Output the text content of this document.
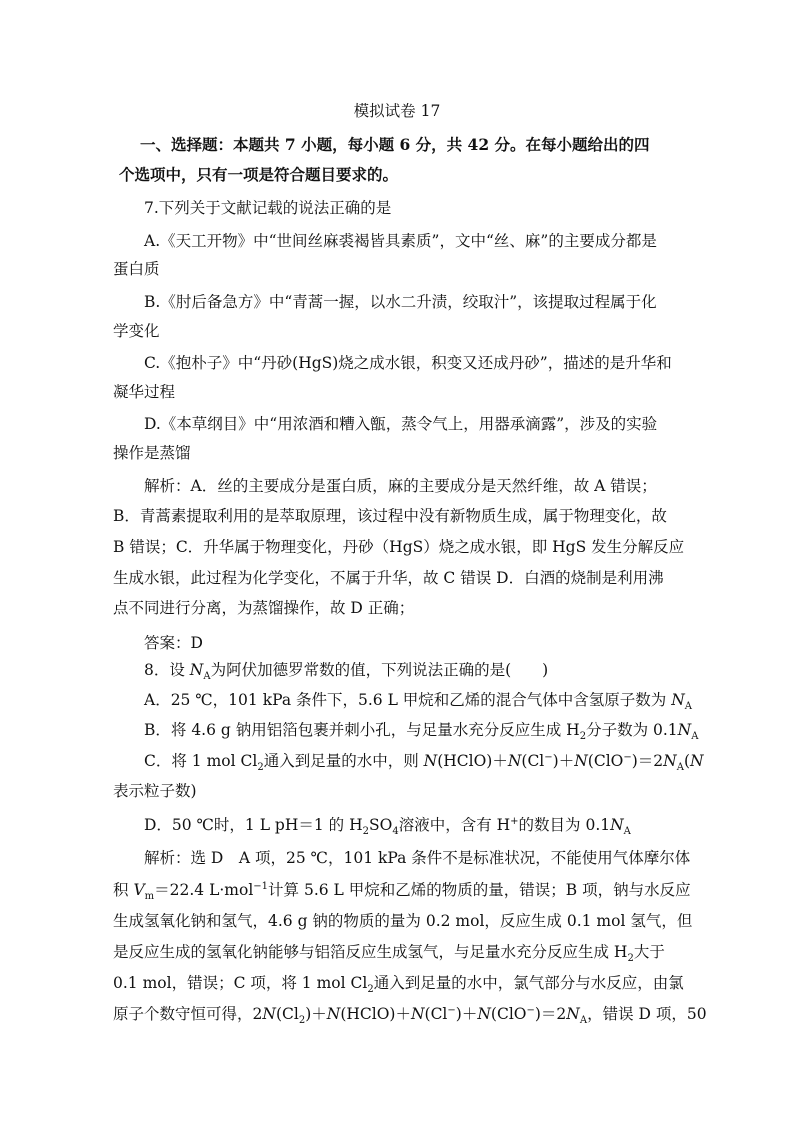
模拟试卷 17
一、选择题：本题共 7 小题，每小题 6 分，共 42 分。在每小题给出的四
个选项中，只有一项是符合题目要求的。
7.下列关于文献记载的说法正确的是
A.《天工开物》中“世间丝麻裘褐皆具素质”，文中“丝、麻”的主要成分都是
蛋白质
B.《肘后备急方》中“青蒿一握，以水二升渍，绞取汁”，该提取过程属于化
学变化
C.《抱朴子》中“丹砂(HgS)烧之成水银，积变又还成丹砂”，描述的是升华和
凝华过程
D.《本草纲目》中“用浓酒和糟入甑，蒸令气上，用器承滴露”，涉及的实验
操作是蒸馏
解析：A．丝的主要成分是蛋白质，麻的主要成分是天然纤维，故 A 错误；
B．青蒿素提取利用的是萃取原理，该过程中没有新物质生成，属于物理变化，故
B 错误；C．升华属于物理变化，丹砂（HgS）烧之成水银，即 HgS 发生分解反应
生成水银，此过程为化学变化，不属于升华，故 C 错误 D．白酒的烧制是利用沸
点不同进行分离，为蒸馏操作，故 D 正确；
答案：D
8．设 $N_A$为阿伏加德罗常数的值，下列说法正确的是(　　)
A．25 ℃，101 kPa 条件下，5.6 L 甲烷和乙烯的混合气体中含氢原子数为 $N_A$
B．将 4.6 g 钠用铝箔包裹并刺小孔，与足量水充分反应生成 $H_2$分子数为 $0.1N_A$
C．将 1 mol $Cl_2$通入到足量的水中，则 $N(HClO)+N(Cl^-)+N(ClO^-)=2N_A(N$
表示粒子数)
D．50 ℃时，1 L pH＝1 的 $H_2SO_4$溶液中，含有 H+的数目为 $0.1N_A$
解析：选 D　A 项，25 ℃，101 kPa 条件不是标准状况，不能使用气体摩尔体
积 $V_m=22.4$ L·mol$^{-1}$计算 5.6 L 甲烷和乙烯的物质的量，错误；B 项，钠与水反应
生成氢氧化钠和氢气，4.6 g 钠的物质的量为 0.2 mol，反应生成 0.1 mol 氢气，但
是反应生成的氢氧化钠能够与铝箔反应生成氢气，与足量水充分反应生成 $H_2$大于
0.1 mol，错误；C 项，将 1 mol $Cl_2$通入到足量的水中，氯气部分与水反应，由氯
原子个数守恒可得，$2N(Cl_2)+N(HClO)+N(Cl^-)+N(ClO^-)=2N_A$，错误 D 项，50
